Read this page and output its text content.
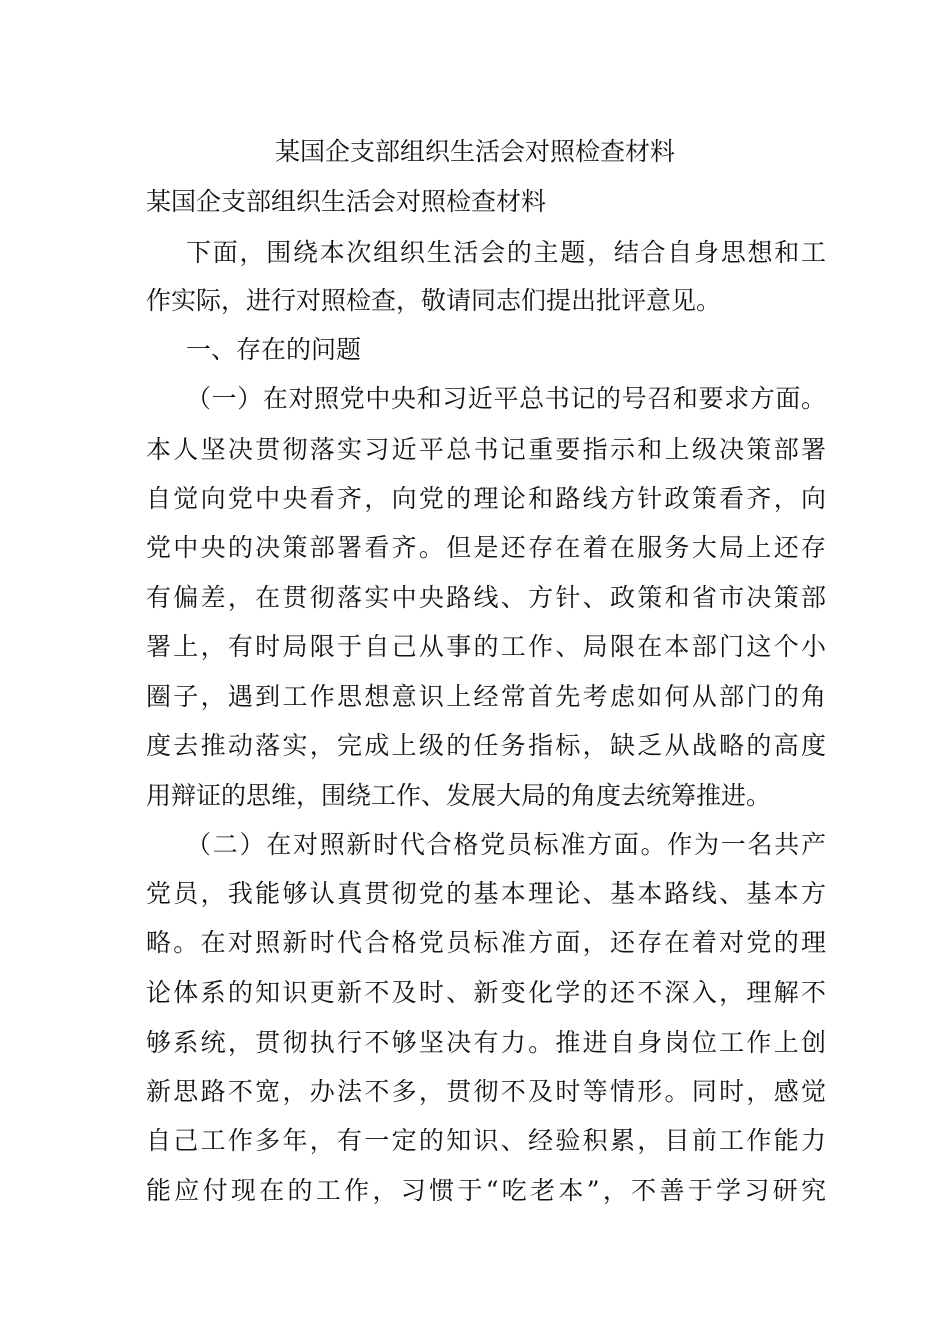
某国企支部组织生活会对照检查材料
某国企支部组织生活会对照检查材料
下面，围绕本次组织生活会的主题，结合自身思想和工
作实际，进行对照检查，敬请同志们提出批评意见。
一、存在的问题
（一）在对照党中央和习近平总书记的号召和要求方面。
本人坚决贯彻落实习近平总书记重要指示和上级决策部署
自觉向党中央看齐，向党的理论和路线方针政策看齐，向
党中央的决策部署看齐。但是还存在着在服务大局上还存
有偏差，在贯彻落实中央路线、方针、政策和省市决策部
署上，有时局限于自己从事的工作、局限在本部门这个小
圈子，遇到工作思想意识上经常首先考虑如何从部门的角
度去推动落实，完成上级的任务指标，缺乏从战略的高度
用辩证的思维，围绕工作、发展大局的角度去统筹推进。
（二）在对照新时代合格党员标准方面。作为一名共产
党员，我能够认真贯彻党的基本理论、基本路线、基本方
略。在对照新时代合格党员标准方面，还存在着对党的理
论体系的知识更新不及时、新变化学的还不深入，理解不
够系统，贯彻执行不够坚决有力。推进自身岗位工作上创
新思路不宽，办法不多，贯彻不及时等情形。同时，感觉
自己工作多年，有一定的知识、经验积累，目前工作能力
能应付现在的工作，习惯于“吃老本”，不善于学习研究
